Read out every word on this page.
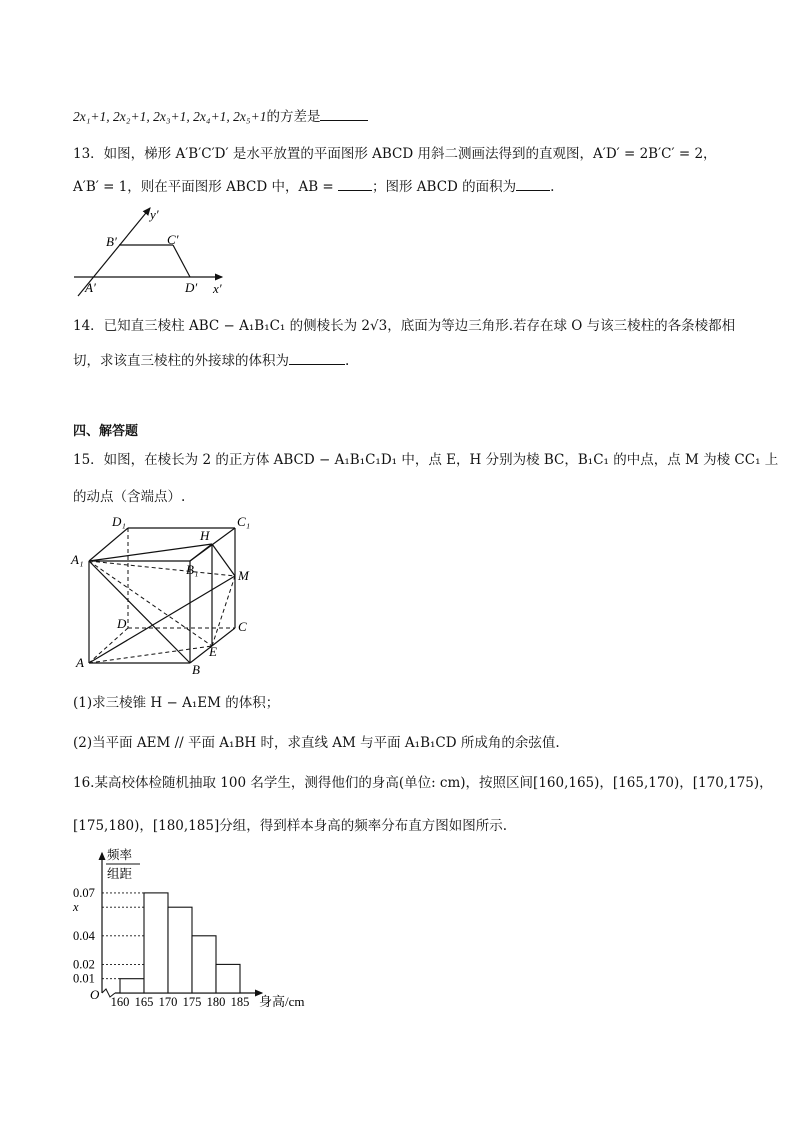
2x₁+1, 2x₂+1, 2x₃+1, 2x₄+1, 2x₅+1的方差是
13．如图，梯形 A′B′C′D′ 是水平放置的平面图形 ABCD 用斜二测画法得到的直观图，A′D′ = 2B′C′ = 2，
A′B′ = 1，则在平面图形 ABCD 中，AB =	；图形 ABCD 的面积为	.
y′
x′
B′	C′
A′	D′
14．已知直三棱柱 ABC − A₁B₁C₁ 的侧棱长为 2√3，底面为等边三角形.若存在球 O 与该三棱柱的各条棱都相
切，求该直三棱柱的外接球的体积为	.
四、解答题
15．如图，在棱长为 2 的正方体 ABCD − A₁B₁C₁D₁ 中，点 E，H 分别为棱 BC，B₁C₁ 的中点，点 M 为棱 CC₁ 上
的动点（含端点）.
D₁	C₁
H
A₁
B₁	M
D	C
E
A	B
(1)求三棱锥 H − A₁EM 的体积；
(2)当平面 AEM // 平面 A₁BH 时，求直线 AM 与平面 A₁B₁CD 所成角的余弦值.
16.某高校体检随机抽取 100 名学生，测得他们的身高(单位: cm)，按照区间[160,165)，[165,170)，[170,175)，
[175,180)，[180,185]分组，得到样本身高的频率分布直方图如图所示.
频率
组距
O	身高/cm
0.01
0.02
0.04
x
0.07
160 165 170 175 180 185
